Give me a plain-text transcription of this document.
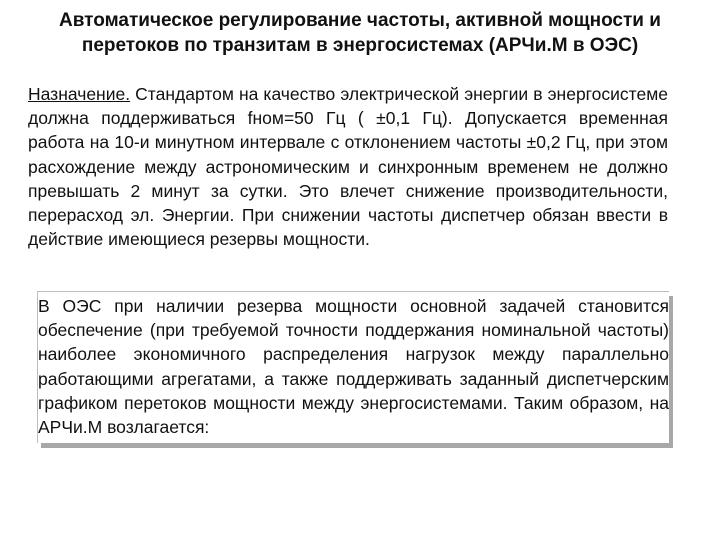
Автоматическое регулирование частоты, активной мощности и
перетоков по транзитам в энергосистемах (АРЧи.М в ОЭС)

Назначение. Стандартом на качество электрической энергии в энергосистеме должна поддерживаться fном=50 Гц ( ±0,1 Гц). Допускается временная работа на 10-и минутном интервале с отклонением частоты ±0,2 Гц, при этом расхождение между астрономическим и синхронным временем не должно превышать 2 минут за сутки. Это влечет снижение производительности, перерасход эл. Энергии. При снижении частоты диспетчер обязан ввести в действие имеющиеся резервы мощности.

В ОЭС при наличии резерва мощности основной задачей становится обеспечение (при требуемой точности поддержания номинальной частоты) наиболее экономичного распределения нагрузок между параллельно работающими агрегатами, а также поддерживать заданный диспетчерским графиком перетоков мощности между энергосистемами. Таким образом, на АРЧи.М возлагается:
